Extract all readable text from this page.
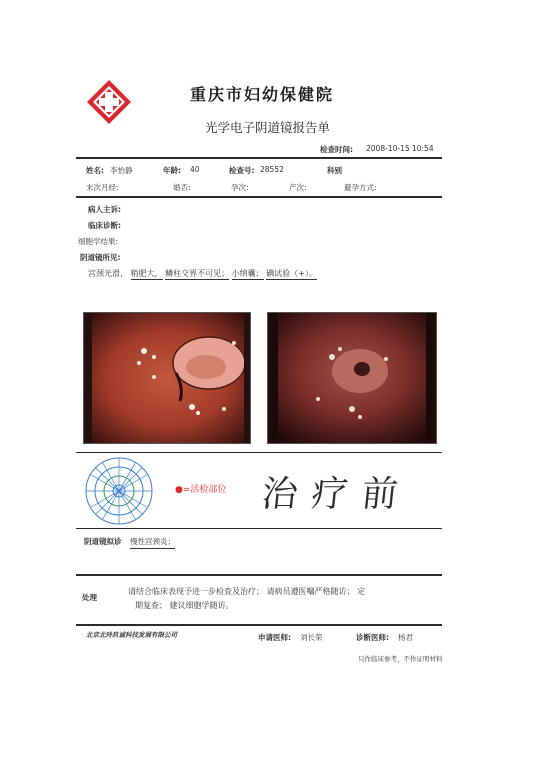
重庆市妇幼保健院
光学电子阴道镜报告单
检查时间: 2008-10-15 10:54
姓名: 李怡静	年龄: 40	检查号: 28552	科别
末次月经:	婚否:	孕次:	产次:	避孕方式:
病人主诉:
临床诊断:
细胞学结果:
阴道镜所见:
宫颈光滑， 稍肥大， 鳞柱交界不可见； 小纳囊； 碘试验（+）。
●=活检部位 治疗前
阴道镜拟诊 慢性宫颈炎；
处理
请结合临床表现予进一步检查及治疗； 请病员遵医嘱严格随访； 定
期复查； 建议细胞学随访。
北京北玲玖诚科技发展有限公司	申请医师: 刘长荣	诊断医师: 杨君
只作临床参考，不作证明材料
